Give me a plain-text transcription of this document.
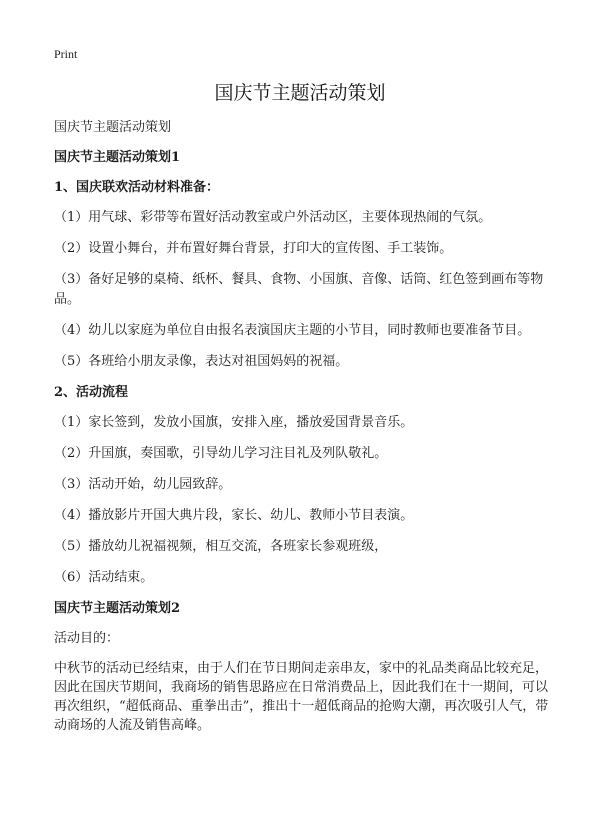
Print
国庆节主题活动策划

国庆节主题活动策划

国庆节主题活动策划1

1、国庆联欢活动材料准备：

（1）用气球、彩带等布置好活动教室或户外活动区，主要体现热闹的气氛。

（2）设置小舞台，并布置好舞台背景，打印大的宣传图、手工装饰。

（3）备好足够的桌椅、纸杯、餐具、食物、小国旗、音像、话筒、红色签到画布等物品。

（4）幼儿以家庭为单位自由报名表演国庆主题的小节目，同时教师也要准备节目。

（5）各班给小朋友录像，表达对祖国妈妈的祝福。

2、活动流程

（1）家长签到，发放小国旗，安排入座，播放爱国背景音乐。

（2）升国旗，奏国歌，引导幼儿学习注目礼及列队敬礼。

（3）活动开始，幼儿园致辞。

（4）播放影片开国大典片段，家长、幼儿、教师小节目表演。

（5）播放幼儿祝福视频，相互交流，各班家长参观班级，

（6）活动结束。

国庆节主题活动策划2

活动目的：

中秋节的活动已经结束，由于人们在节日期间走亲串友，家中的礼品类商品比较充足，因此在国庆节期间，我商场的销售思路应在日常消费品上，因此我们在十一期间，可以再次组织，“超低商品、重拳出击”，推出十一超低商品的抢购大潮，再次吸引人气，带动商场的人流及销售高峰。
